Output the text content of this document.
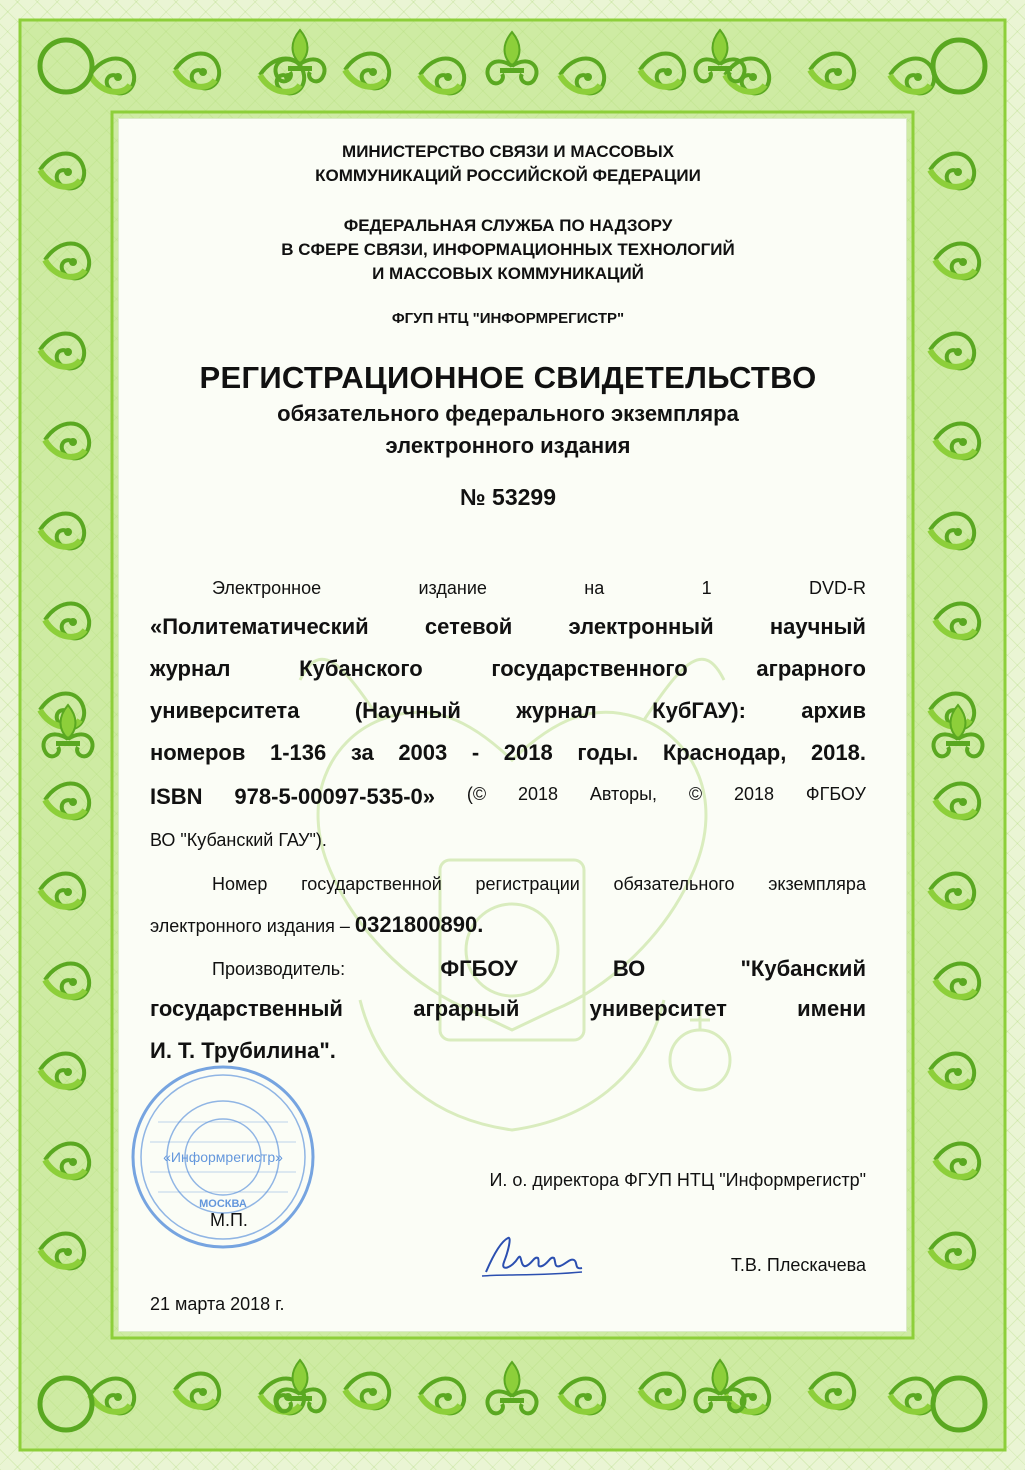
МИНИСТЕРСТВО СВЯЗИ И МАССОВЫХ

КОММУНИКАЦИЙ РОССИЙСКОЙ ФЕДЕРАЦИИ

ФЕДЕРАЛЬНАЯ СЛУЖБА ПО НАДЗОРУ

В СФЕРЕ СВЯЗИ, ИНФОРМАЦИОННЫХ ТЕХНОЛОГИЙ

И МАССОВЫХ КОММУНИКАЦИЙ

ФГУП НТЦ "ИНФОРМРЕГИСТР"

РЕГИСТРАЦИОННОЕ СВИДЕТЕЛЬСТВО

обязательного федерального экземпляра

электронного издания

№ 53299

Электронное	издание	на	1	DVD-R
«Политематический	сетевой	электронный	научный
журнал	Кубанского	государственного	аграрного
университета	(Научный	журнал	КубГАУ):	архив
номеров 1-136 за 2003 - 2018 годы. Краснодар, 2018.
ISBN 978-5-00097-535-0» (© 2018 Авторы, © 2018 ФГБОУ

ВО "Кубанский ГАУ").

Номер государственной регистрации обязательного экземпляра

электронного издания – 0321800890.

Производитель:	ФГБОУ	ВО	"Кубанский
государственный	аграрный	университет	имени

И. Т. Трубилина".

И. о. директора ФГУП НТЦ "Информрегистр"

М.П.

Т.В. Плескачева

21 марта 2018 г.

«Информрегистр»
МОСКВА
